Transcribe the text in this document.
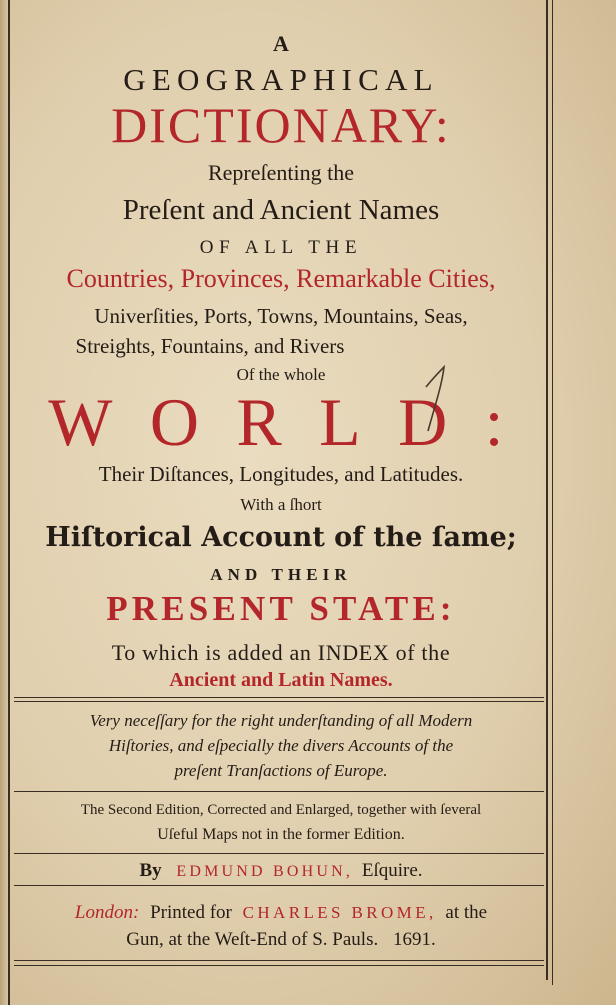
A
GEOGRAPHICAL
DICTIONARY:
Repreſenting the
Preſent and Ancient Names
OF ALL THE
Countries, Provinces, Remarkable Cities,
Univerſities, Ports, Towns, Mountains, Seas,
Streights, Fountains, and Rivers
Of the whole
WORLD:
Their Diſtances, Longitudes, and Latitudes.
With a ſhort
Hiſtorical Account of the ſame;
AND THEIR
PRESENT STATE:
To which is added an INDEX of the
Ancient and Latin Names.
Very neceſſary for the right underſtanding of all Modern
Hiſtories, and eſpecially the divers Accounts of the
preſent Tranſactions of Europe.
The Second Edition, Corrected and Enlarged, together with ſeveral
Uſeful Maps not in the former Edition.
By EDMUND BOHUN, Eſquire.
London: Printed for CHARLES BROME, at the
Gun, at the Weſt-End of S. Pauls. 1691.
